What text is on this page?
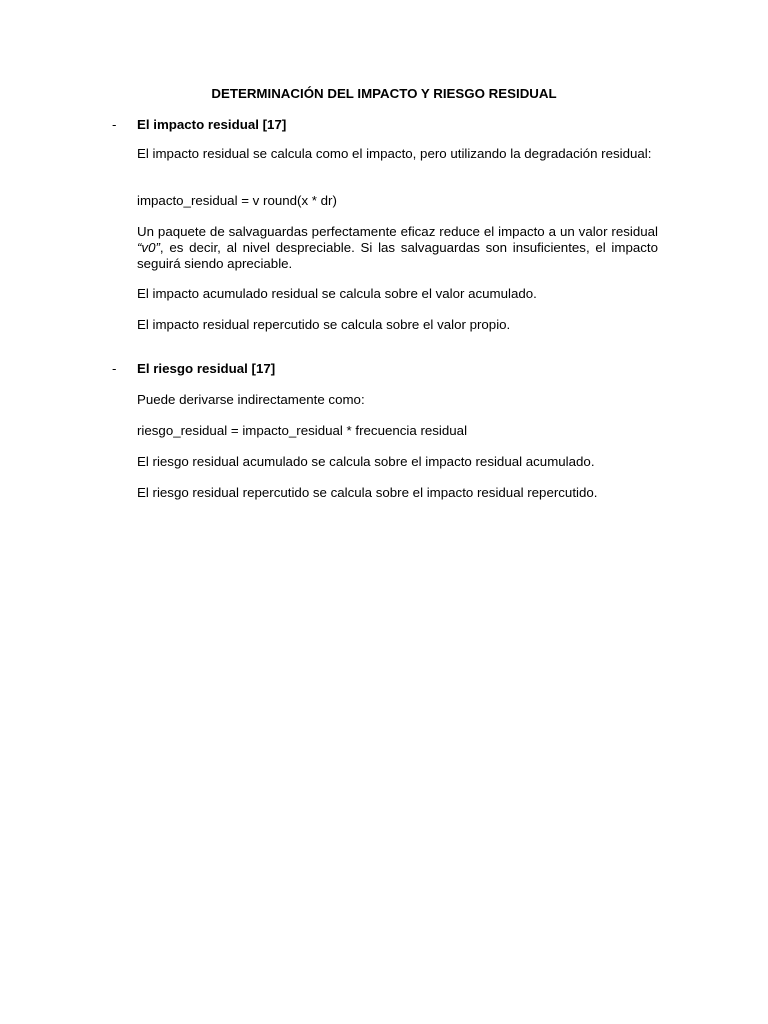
DETERMINACIÓN DEL IMPACTO Y RIESGO RESIDUAL
- El impacto residual [17]
El impacto residual se calcula como el impacto, pero utilizando la degradación residual:
impacto_residual = v round(x * dr)
Un paquete de salvaguardas perfectamente eficaz reduce el impacto a un valor residual “v0”, es decir, al nivel despreciable. Si las salvaguardas son insuficientes, el impacto seguirá siendo apreciable.
El impacto acumulado residual se calcula sobre el valor acumulado.
El impacto residual repercutido se calcula sobre el valor propio.
- El riesgo residual [17]
Puede derivarse indirectamente como:
riesgo_residual = impacto_residual * frecuencia residual
El riesgo residual acumulado se calcula sobre el impacto residual acumulado.
El riesgo residual repercutido se calcula sobre el impacto residual repercutido.
